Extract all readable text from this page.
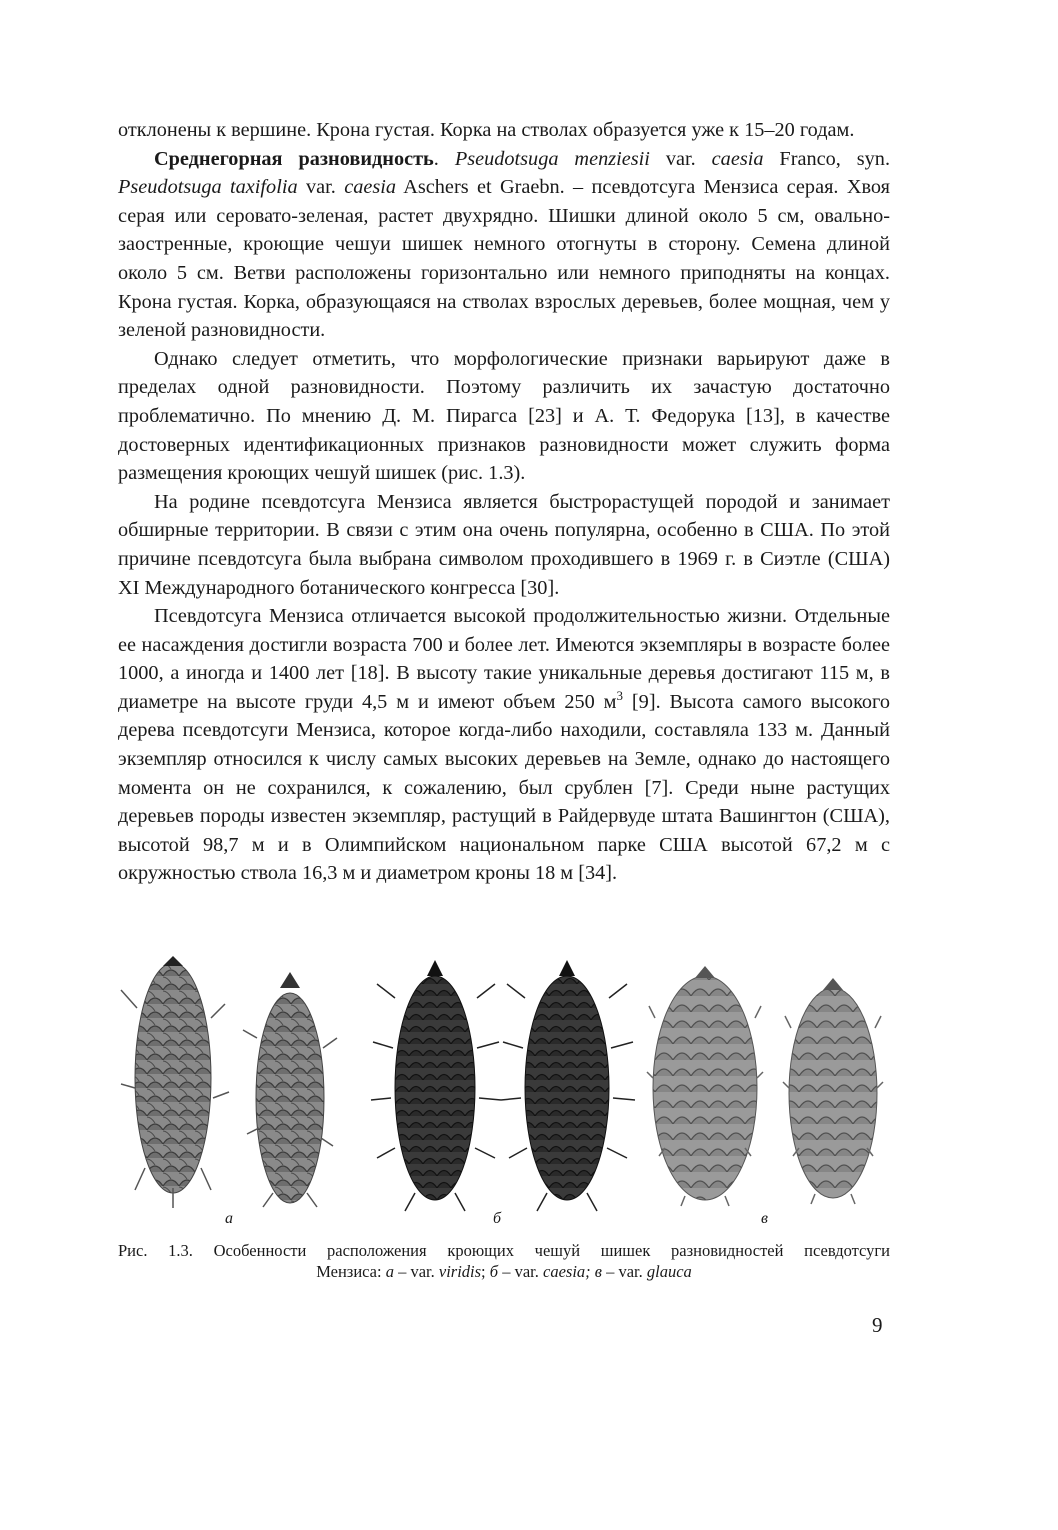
отклонены к вершине. Крона густая. Корка на стволах образуется уже к 15–20 годам.

Среднегорная разновидность. Pseudotsuga menziesii var. caesia Franco, syn. Pseudotsuga taxifolia var. caesia Aschers et Graebn. – псевдотсуга Мензиса серая. Хвоя серая или серовато-зеленая, растет двухрядно. Шишки длиной около 5 см, овально-заостренные, кроющие чешуи шишек немного отогнуты в сторону. Семена длиной около 5 см. Ветви расположены горизонтально или немного приподняты на концах. Крона густая. Корка, образующаяся на стволах взрослых деревьев, более мощная, чем у зеленой разновидности.

Однако следует отметить, что морфологические признаки варьируют даже в пределах одной разновидности. Поэтому различить их зачастую достаточно проблематично. По мнению Д. М. Пирагса [23] и А. Т. Федорука [13], в качестве достоверных идентификационных признаков разновидности может служить форма размещения кроющих чешуй шишек (рис. 1.3).

На родине псевдотсуга Мензиса является быстрорастущей породой и занимает обширные территории. В связи с этим она очень популярна, особенно в США. По этой причине псевдотсуга была выбрана символом проходившего в 1969 г. в Сиэтле (США) XI Международного ботанического конгресса [30].

Псевдотсуга Мензиса отличается высокой продолжительностью жизни. Отдельные ее насаждения достигли возраста 700 и более лет. Имеются экземпляры в возрасте более 1000, а иногда и 1400 лет [18]. В высоту такие уникальные деревья достигают 115 м, в диаметре на высоте груди 4,5 м и имеют объем 250 $м^3$ [9]. Высота самого высокого дерева псевдотсуги Мензиса, которое когда-либо находили, составляла 133 м. Данный экземпляр относился к числу самых высоких деревьев на Земле, однако до настоящего момента он не сохранился, к сожалению, был срублен [7]. Среди ныне растущих деревьев породы известен экземпляр, растущий в Райдервуде штата Вашингтон (США), высотой 98,7 м и в Олимпийском национальном парке США высотой 67,2 м с окружностью ствола 16,3 м и диаметром кроны 18 м [34].

а	б	в
Рис. 1.3. Особенности расположения кроющих чешуй шишек разновидностей псевдотсуги
Мензиса: а – var. viridis; б – var. caesia; в – var. glauca
9
